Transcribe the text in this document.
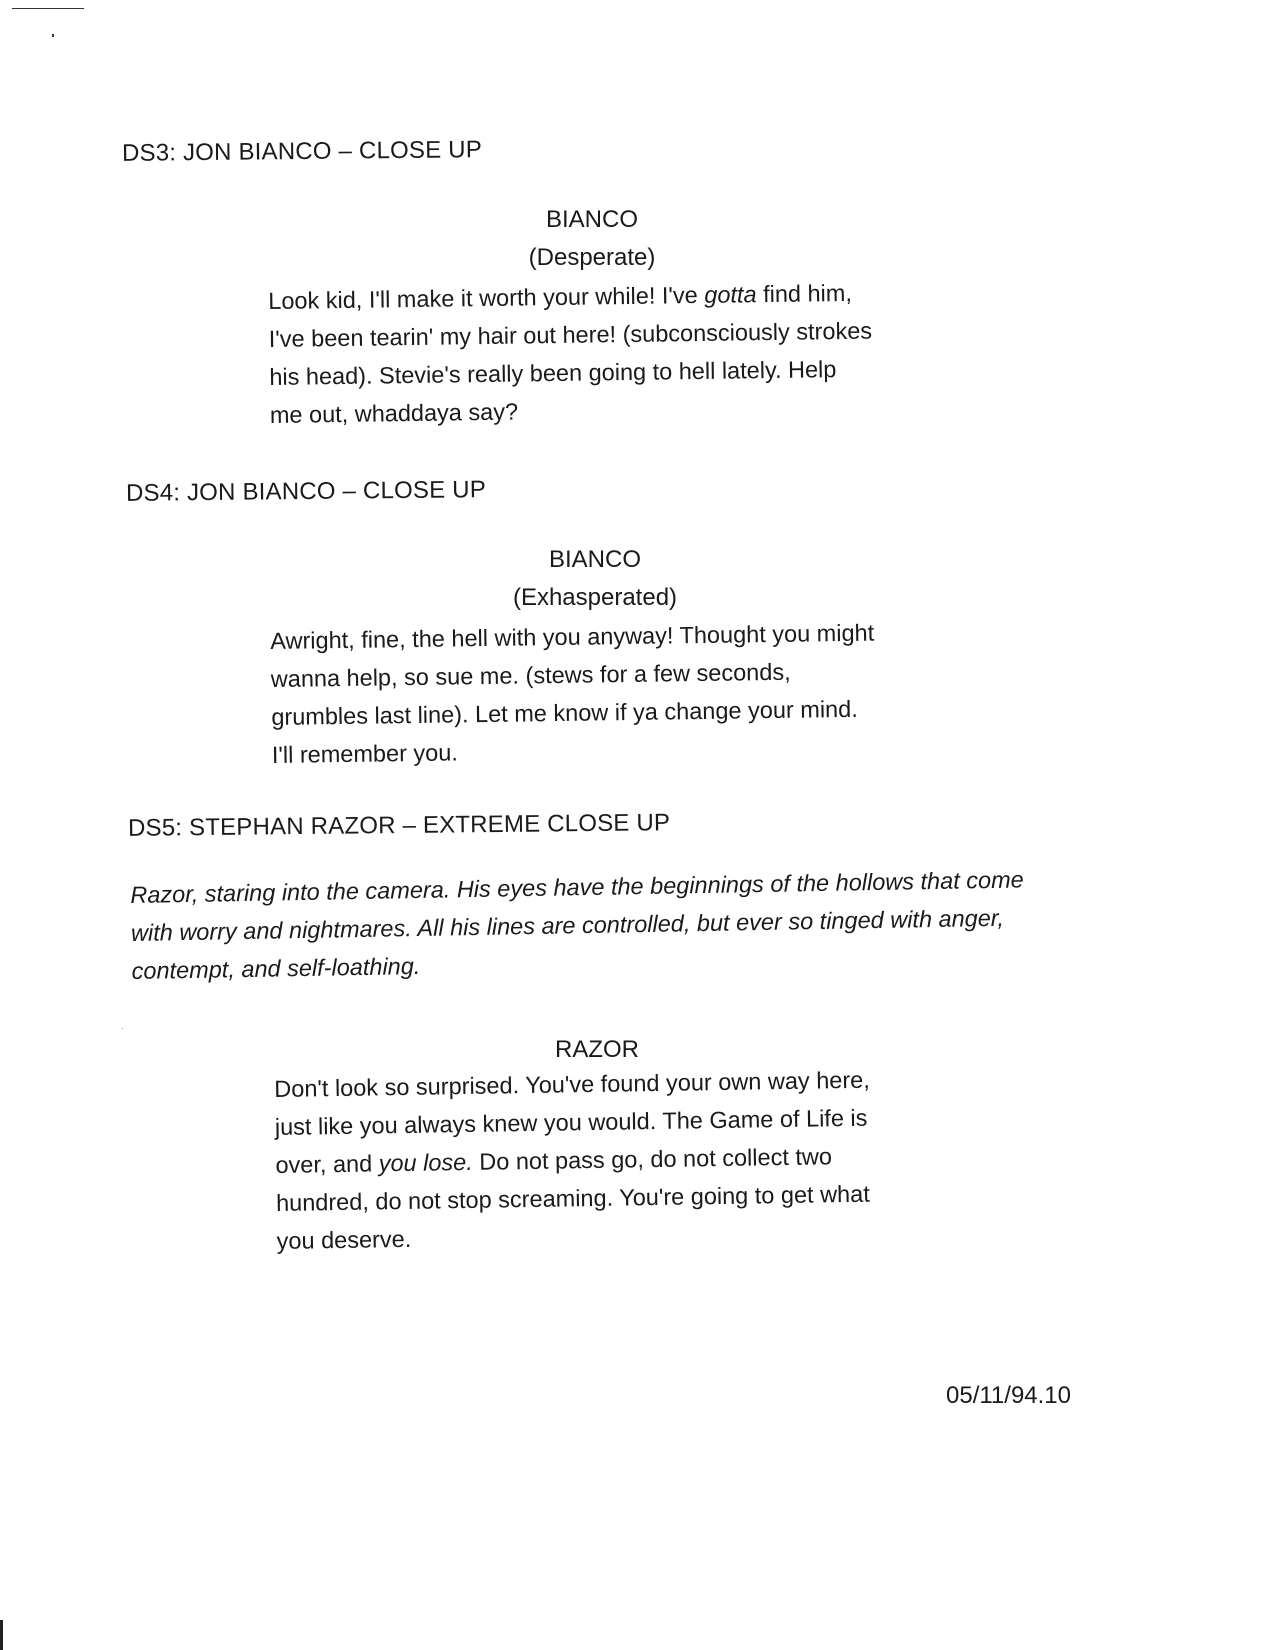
DS3: JON BIANCO – CLOSE UP
BIANCO
(Desperate)

Look kid, I'll make it worth your while! I've gotta find him,

I've been tearin' my hair out here! (subconsciously strokes

his head). Stevie's really been going to hell lately. Help

me out, whaddaya say?

DS4: JON BIANCO – CLOSE UP
BIANCO
(Exhasperated)

Awright, fine, the hell with you anyway! Thought you might

wanna help, so sue me. (stews for a few seconds,

grumbles last line). Let me know if ya change your mind.

I'll remember you.

DS5: STEPHAN RAZOR – EXTREME CLOSE UP

Razor, staring into the camera. His eyes have the beginnings of the hollows that come

with worry and nightmares. All his lines are controlled, but ever so tinged with anger,

contempt, and self-loathing.

RAZOR

Don't look so surprised. You've found your own way here,

just like you always knew you would. The Game of Life is

over, and you lose. Do not pass go, do not collect two

hundred, do not stop screaming. You're going to get what

you deserve.

05/11/94.10
